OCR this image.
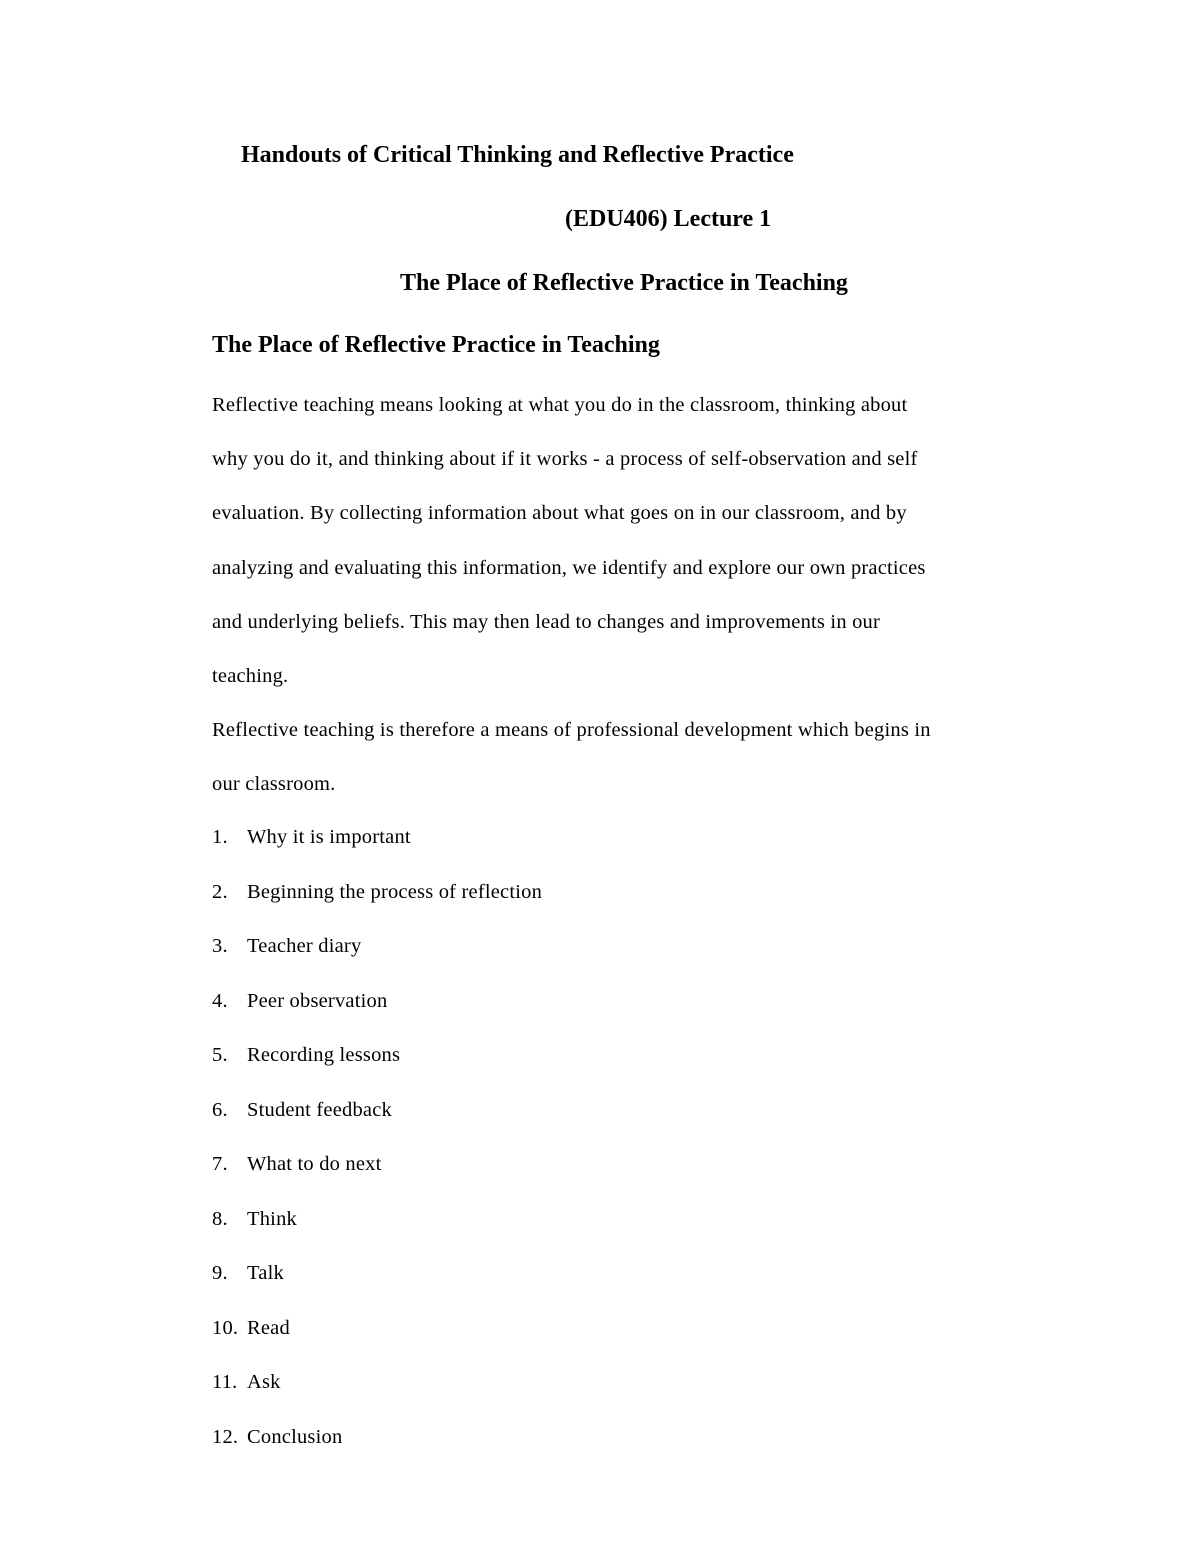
Handouts of Critical Thinking and Reflective Practice
(EDU406) Lecture 1
The Place of Reflective Practice in Teaching
The Place of Reflective Practice in Teaching
Reflective teaching means looking at what you do in the classroom, thinking about
why you do it, and thinking about if it works - a process of self-observation and self
evaluation. By collecting information about what goes on in our classroom, and by
analyzing and evaluating this information, we identify and explore our own practices
and underlying beliefs. This may then lead to changes and improvements in our
teaching.
Reflective teaching is therefore a means of professional development which begins in
our classroom.
1. Why it is important
2. Beginning the process of reflection
3. Teacher diary
4. Peer observation
5. Recording lessons
6. Student feedback
7. What to do next
8. Think
9. Talk
10. Read
11. Ask
12. Conclusion
